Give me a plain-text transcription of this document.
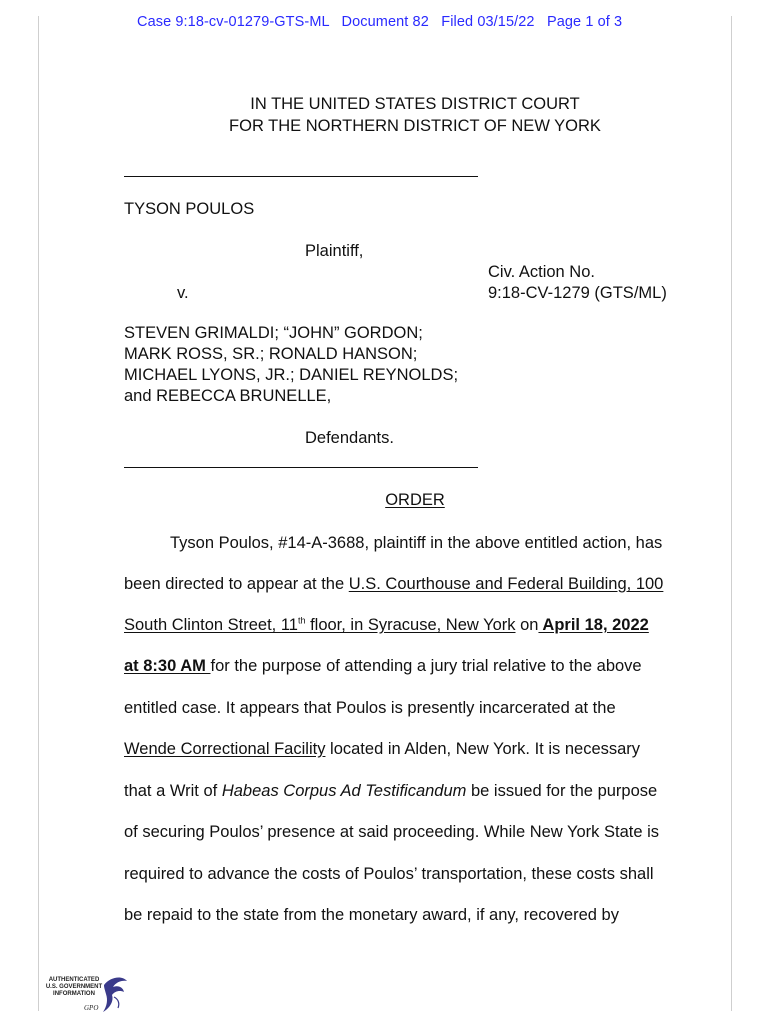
Case 9:18-cv-01279-GTS-ML   Document 82   Filed 03/15/22   Page 1 of 3
IN THE UNITED STATES DISTRICT COURT
FOR THE NORTHERN DISTRICT OF NEW YORK
TYSON POULOS
Plaintiff,
Civ. Action No.
v.	9:18-CV-1279 (GTS/ML)
STEVEN GRIMALDI; “JOHN” GORDON;
MARK ROSS, SR.; RONALD HANSON;
MICHAEL LYONS, JR.; DANIEL REYNOLDS;
and REBECCA BRUNELLE,
Defendants.
ORDER
Tyson Poulos, #14-A-3688, plaintiff in the above entitled action, has
been directed to appear at the U.S. Courthouse and Federal Building, 100
South Clinton Street, 11th floor, in Syracuse, New York on April 18, 2022
at 8:30 AM for the purpose of attending a jury trial relative to the above
entitled case. It appears that Poulos is presently incarcerated at the
Wende Correctional Facility located in Alden, New York. It is necessary
that a Writ of Habeas Corpus Ad Testificandum be issued for the purpose
of securing Poulos’ presence at said proceeding. While New York State is
required to advance the costs of Poulos’ transportation, these costs shall
be repaid to the state from the monetary award, if any, recovered by
AUTHENTICATED
U.S. GOVERNMENT
INFORMATION
GPO
